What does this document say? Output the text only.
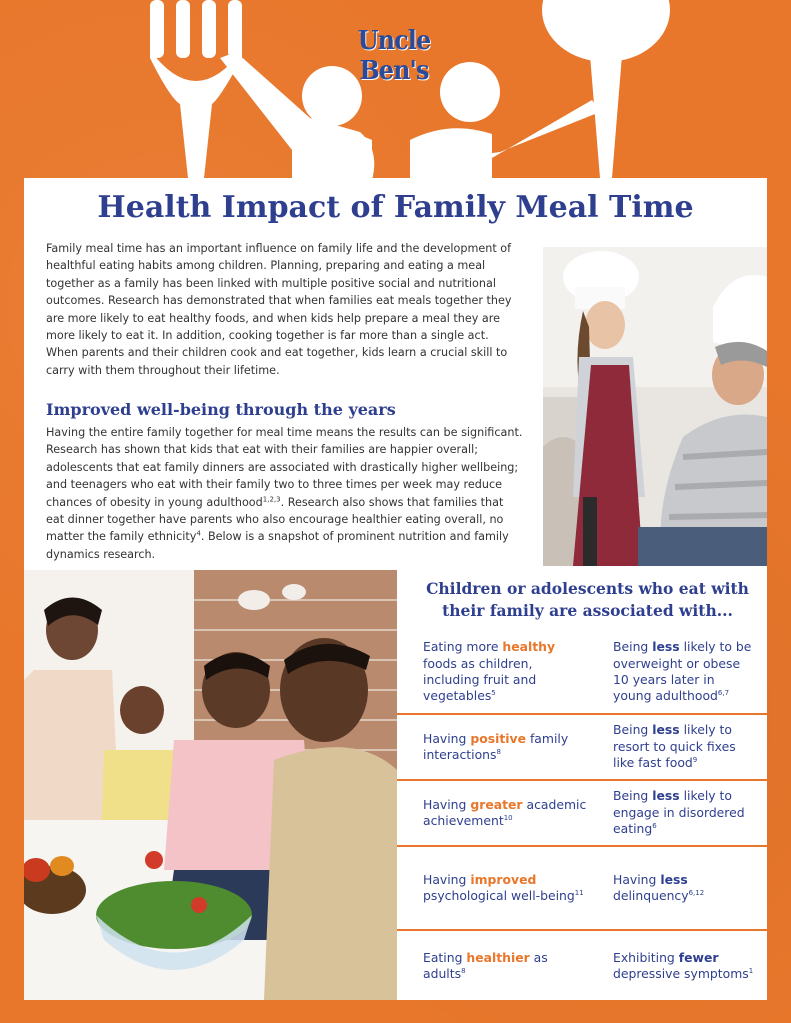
Uncle
Ben's
Health Impact of Family Meal Time
Family meal time has an important influence on family life and the development of healthful eating habits among children. Planning, preparing and eating a meal together as a family has been linked with multiple positive social and nutritional outcomes. Research has demonstrated that when families eat meals together they are more likely to eat healthy foods, and when kids help prepare a meal they are more likely to eat it. In addition, cooking together is far more than a single act. When parents and their children cook and eat together, kids learn a crucial skill to carry with them throughout their lifetime.
Improved well-being through the years
Having the entire family together for meal time means the results can be significant. Research has shown that kids that eat with their families are happier overall; adolescents that eat family dinners are associated with drastically higher wellbeing; and teenagers who eat with their family two to three times per week may reduce chances of obesity in young adulthood$^{1,2,3}$. Research also shows that families that eat dinner together have parents who also encourage healthier eating overall, no matter the family ethnicity$^4$. Below is a snapshot of prominent nutrition and family dynamics research.
Children or adolescents who eat with their family are associated with...
Eating more healthy foods as children, including fruit and vegetables$^5$
Being less likely to be overweight or obese 10 years later in young adulthood$^{6,7}$
Having positive family interactions$^8$
Being less likely to resort to quick fixes like fast food$^9$
Having greater academic achievement$^{10}$
Being less likely to engage in disordered eating$^6$
Having improved psychological well-being$^{11}$
Having less delinquency$^{6,12}$
Eating healthier as adults$^8$
Exhibiting fewer depressive symptoms$^1$
